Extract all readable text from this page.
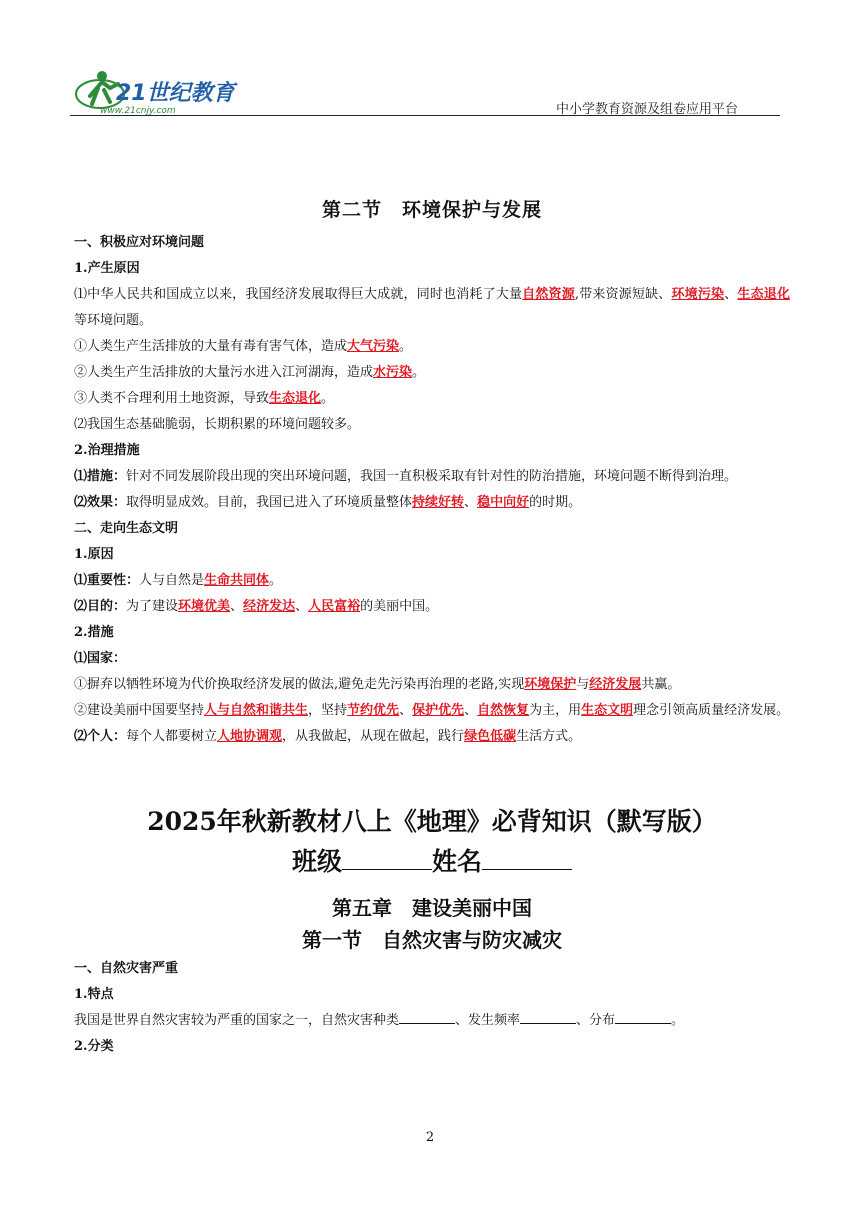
21世纪教育
www.21cnjy.com	中小学教育资源及组卷应用平台
第二节　环境保护与发展
一、积极应对环境问题
1.产生原因

⑴中华人民共和国成立以来，我国经济发展取得巨大成就，同时也消耗了大量自然资源,带来资源短缺、环境污染、生态退化等环境问题。

①人类生产生活排放的大量有毒有害气体，造成大气污染。

②人类生产生活排放的大量污水进入江河湖海，造成水污染。

③人类不合理利用土地资源，导致生态退化。

⑵我国生态基础脆弱，长期积累的环境问题较多。

2.治理措施

⑴措施：针对不同发展阶段出现的突出环境问题，我国一直积极采取有针对性的防治措施，环境问题不断得到治理。

⑵效果：取得明显成效。目前，我国已进入了环境质量整体持续好转、稳中向好的时期。

二、走向生态文明
1.原因

⑴重要性：人与自然是生命共同体。

⑵目的：为了建设环境优美、经济发达、人民富裕的美丽中国。

2.措施

⑴国家：

①摒弃以牺牲环境为代价换取经济发展的做法,避免走先污染再治理的老路,实现环境保护与经济发展共赢。

②建设美丽中国要坚持人与自然和谐共生，坚持节约优先、保护优先、自然恢复为主，用生态文明理念引领高质量经济发展。

⑵个人：每个人都要树立人地协调观，从我做起，从现在做起，践行绿色低碳生活方式。

2025年秋新教材八上《地理》必背知识（默写版）
班级	姓名
第五章　建设美丽中国
第一节　自然灾害与防灾减灾
一、自然灾害严重
1.特点

我国是世界自然灾害较为严重的国家之一，自然灾害种类	、发生频率	、分布	。

2.分类
2
